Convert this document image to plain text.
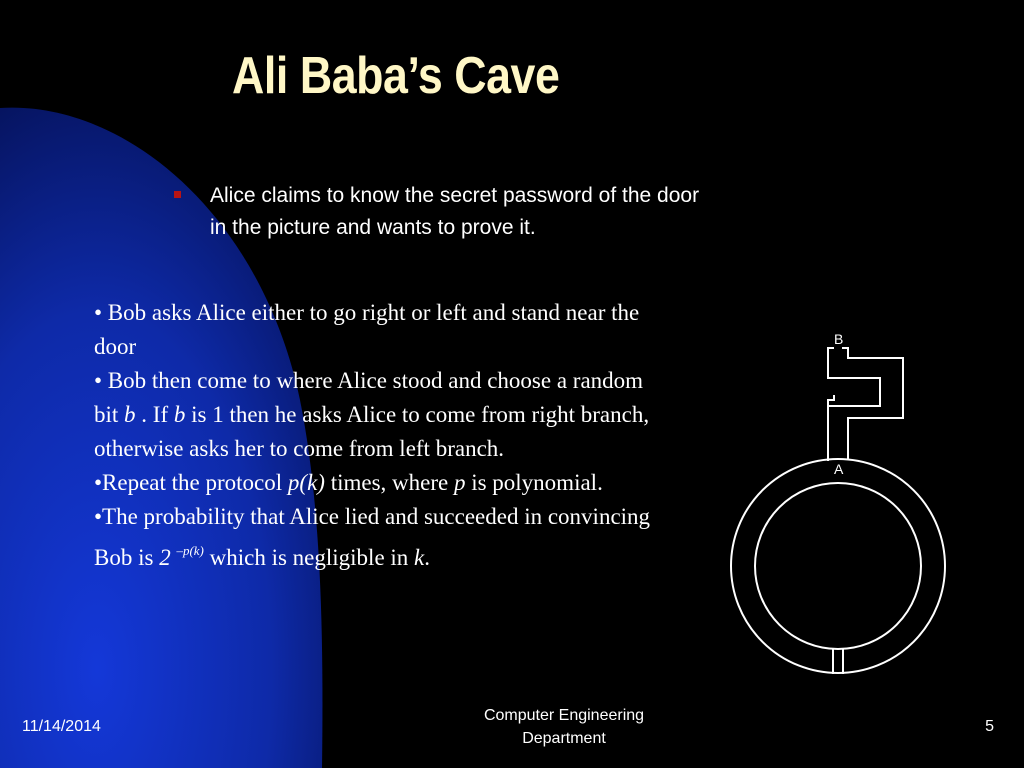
Ali Baba’s Cave
Alice claims to know the secret password of the door
in the picture and wants to prove it.

• Bob asks Alice either to go right or left and stand near the door

• Bob then come to where Alice stood and choose a random bit b . If b is 1 then he asks Alice to come from right branch, otherwise asks her to come from left branch.

•Repeat the protocol p(k) times, where p is polynomial.

•The probability that Alice lied and succeeded in convincing Bob is 2 $^{-p(k)}$ which is negligible in k.

B
A
11/14/2014
Computer Engineering
Department
5
